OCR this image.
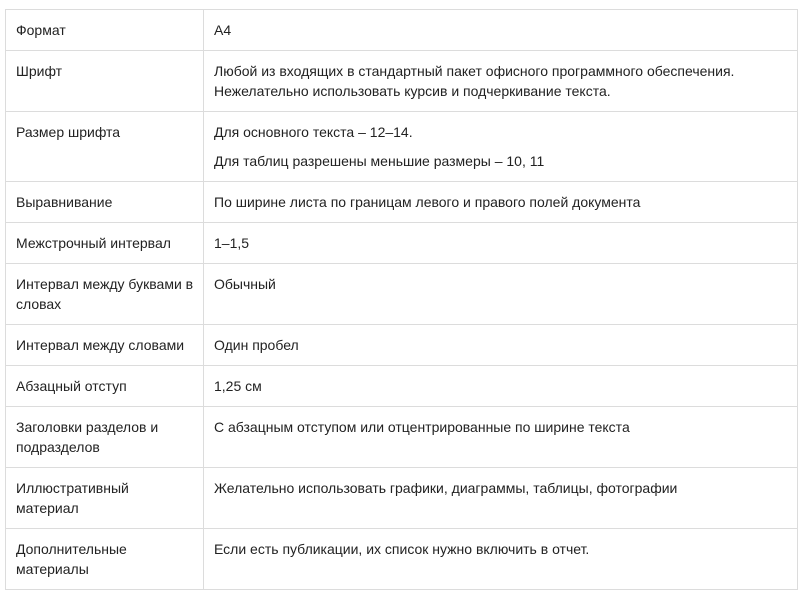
Формат	А4

Шрифт	Любой из входящих в стандартный пакет офисного программного обеспечения.
Нежелательно использовать курсив и подчеркивание текста.

Размер шрифта	Для основного текста – 12–14.
Для таблиц разрешены меньшие размеры – 10, 11

Выравнивание	По ширине листа по границам левого и правого полей документа

Межстрочный интервал	1–1,5

Интервал между буквами в словах	Обычный

Интервал между словами	Один пробел

Абзацный отступ	1,25 см

Заголовки разделов и подразделов	С абзацным отступом или отцентрированные по ширине текста

Иллюстративный материал	Желательно использовать графики, диаграммы, таблицы, фотографии

Дополнительные материалы	Если есть публикации, их список нужно включить в отчет.
